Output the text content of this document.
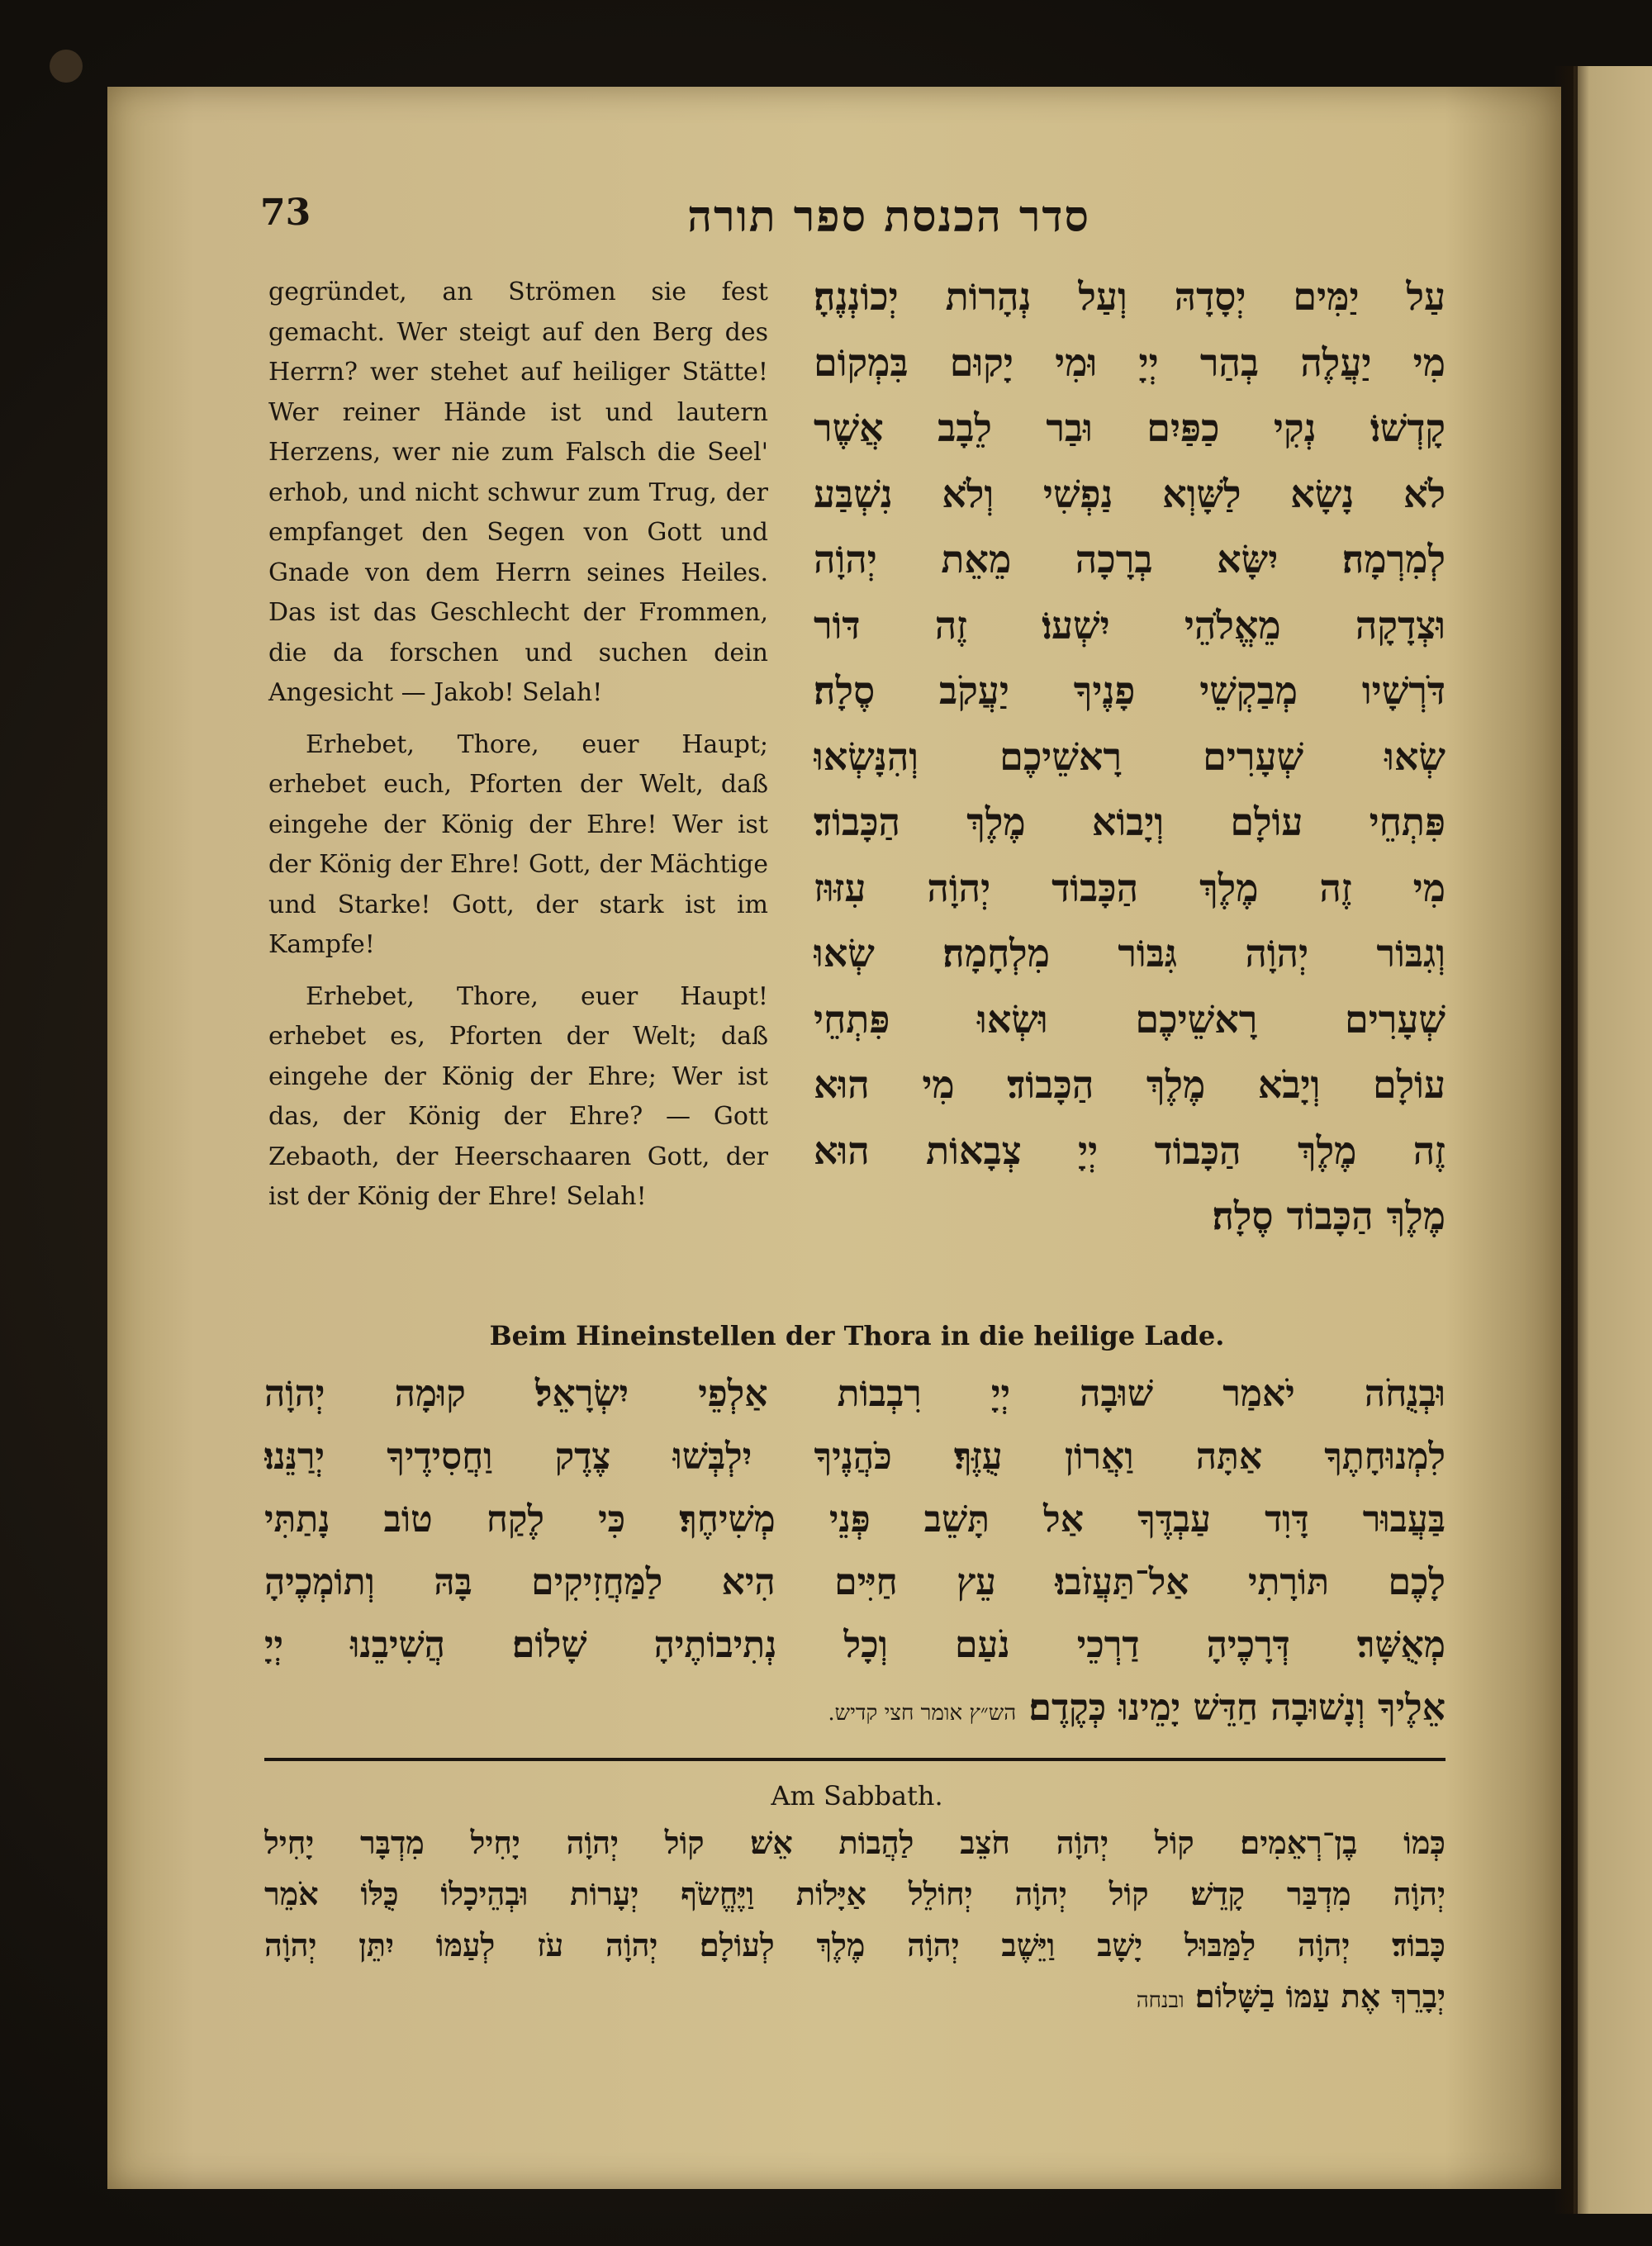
73	סדר הכנסת ספר תורה

gegründet, an Strömen sie fest gemacht. Wer steigt auf den Berg des Herrn? wer stehet auf heiliger Stätte! Wer reiner Hände ist und lautern Herzens, wer nie zum Falsch die Seel' erhob, und nicht schwur zum Trug, der empfanget den Segen von Gott und Gnade von dem Herrn seines Heiles. Das ist das Geschlecht der Frommen, die da forschen und suchen dein Angesicht — Jakob! Selah!

Erhebet, Thore, euer Haupt; erhebet euch, Pforten der Welt, daß eingehe der König der Ehre! Wer ist der König der Ehre! Gott, der Mächtige und Starke! Gott, der stark ist im Kampfe!

Erhebet, Thore, euer Haupt! erhebet es, Pforten der Welt; daß eingehe der König der Ehre; Wer ist das, der König der Ehre? — Gott Zebaoth, der Heerschaaren Gott, der ist der König der Ehre! Selah!

עַל יַמִּים יְסָדָהּ וְעַל נְהָרוֹת יְכוֹנְנֶהָ׃
מִי יַעֲלֶה בְהַר יְיָ וּמִי יָקוּם בִּמְקוֹם
קָדְשׁוֹ׃ נְקִי כַפַּיִם וּבַר לֵבָב אֲשֶׁר
לֹא נָשָׂא לַשָּׁוְא נַפְשִׁי וְלֹא נִשְׁבַּע
לְמִרְמָה׃ יִשָּׂא בְרָכָה מֵאֵת יְהוָֹה
וּצְדָקָה מֵאֱלֹהֵי יִשְׁעוֹ׃ זֶה דּוֹר
דֹּרְשָׁיו מְבַקְשֵׁי פָנֶיךָ יַעֲקֹב סֶלָה׃
שְׂאוּ שְׁעָרִים רָאשֵׁיכֶם וְהִנָּשְׂאוּ
פִּתְחֵי עוֹלָם וְיָבוֹא מֶלֶךְ הַכָּבוֹד׃
מִי זֶה מֶלֶךְ הַכָּבוֹד יְהוָֹה עִזּוּז
וְגִבּוֹר יְהוָֹה גִּבּוֹר מִלְחָמָה׃ שְׂאוּ
שְׁעָרִים רָאשֵׁיכֶם וּשְׂאוּ פִּתְחֵי
עוֹלָם וְיָבֹא מֶלֶךְ הַכָּבוֹד׃ מִי הוּא
זֶה מֶלֶךְ הַכָּבוֹד יְיָ צְבָאוֹת הוּא
מֶלֶךְ הַכָּבוֹד סֶלָה׃
Beim Hineinstellen der Thora in die heilige Lade.
וּבְנֻחֹה יֹאמַר שׁוּבָה יְיָ רִבְבוֹת אַלְפֵי יִשְׂרָאֵל׃ קוּמָה יְהוָֹה
לִמְנוּחָתֶךָ אַתָּה וַאֲרוֹן עֻזֶּךָ׃ כֹּהֲנֶיךָ יִלְבְּשׁוּ צֶדֶק וַחֲסִידֶיךָ יְרַנֵּנוּ׃
בַּעֲבוּר דָּוִד עַבְדֶּךָ אַל תָּשֵׁב פְּנֵי מְשִׁיחֶךָ׃ כִּי לֶקַח טוֹב נָתַתִּי
לָכֶם תּוֹרָתִי אַל־תַּעֲזֹבוּ׃ עֵץ חַיִּים הִיא לַמַּחֲזִיקִים בָּהּ וְתוֹמְכֶיהָ
מְאֻשָּׁר׃ דְּרָכֶיהָ דַרְכֵי נֹעַם וְכָל נְתִיבוֹתֶיהָ שָׁלוֹם׃ הֲשִׁיבֵנוּ יְיָ
אֵלֶיךָ וְנָשׁוּבָה חַדֵּשׁ יָמֵינוּ כְּקֶדֶם׃ הש״ץ אומר חצי קדיש.
Am Sabbath.
כְּמוֹ בֶן־רְאֵמִים׃ קוֹל יְהוָֹה חֹצֵב לַהֲבוֹת אֵשׁ׃ קוֹל יְהוָֹה יָחִיל מִדְבָּר יָחִיל
יְהוָֹה מִדְבַּר קָדֵשׁ׃ קוֹל יְהוָֹה יְחוֹלֵל אַיָּלוֹת וַיֶּחֱשֹׂף יְעָרוֹת וּבְהֵיכָלוֹ כֻּלּוֹ אֹמֵר
כָּבוֹד׃ יְהוָֹה לַמַּבּוּל יָשָׁב וַיֵּשֶׁב יְהוָֹה מֶלֶךְ לְעוֹלָם׃ יְהוָֹה עֹז לְעַמּוֹ יִתֵּן יְהוָֹה
יְבָרֵךְ אֶת עַמּוֹ בַשָּׁלוֹם׃ ובנחה
